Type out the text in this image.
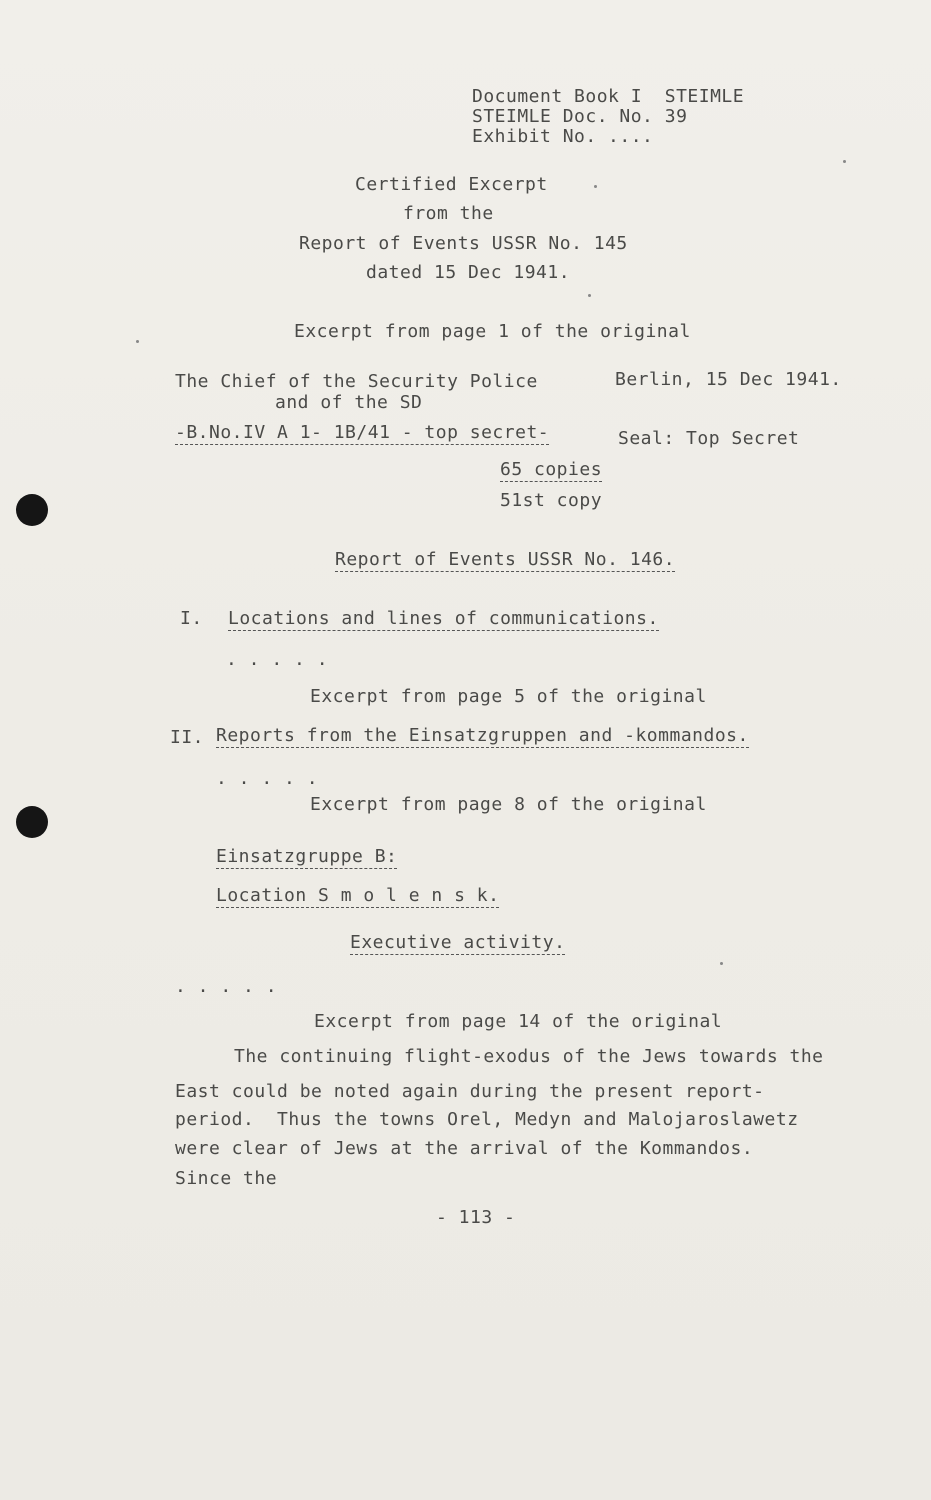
Document Book I  STEIMLE
STEIMLE Doc. No. 39
Exhibit No. ....
Certified Excerpt
from the
Report of Events USSR No. 145
dated 15 Dec 1941.
Excerpt from page 1 of the original
The Chief of the Security Police
and of the SD
Berlin, 15 Dec 1941.
-B.No.IV A 1- 1B/41 - top secret-	Seal: Top Secret
65 copies
51st copy
Report of Events USSR No. 146.
I. Locations and lines of communications.
. . . . .
Excerpt from page 5 of the original
II. Reports from the Einsatzgruppen and -kommandos.
. . . . .
Excerpt from page 8 of the original
Einsatzgruppe B:
Location S m o l e n s k.
Executive activity.
. . . . .
Excerpt from page 14 of the original
The continuing flight-exodus of the Jews towards the
East could be noted again during the present report-
period.  Thus the towns Orel, Medyn and Malojaroslawetz
were clear of Jews at the arrival of the Kommandos.
Since the
- 113 -
